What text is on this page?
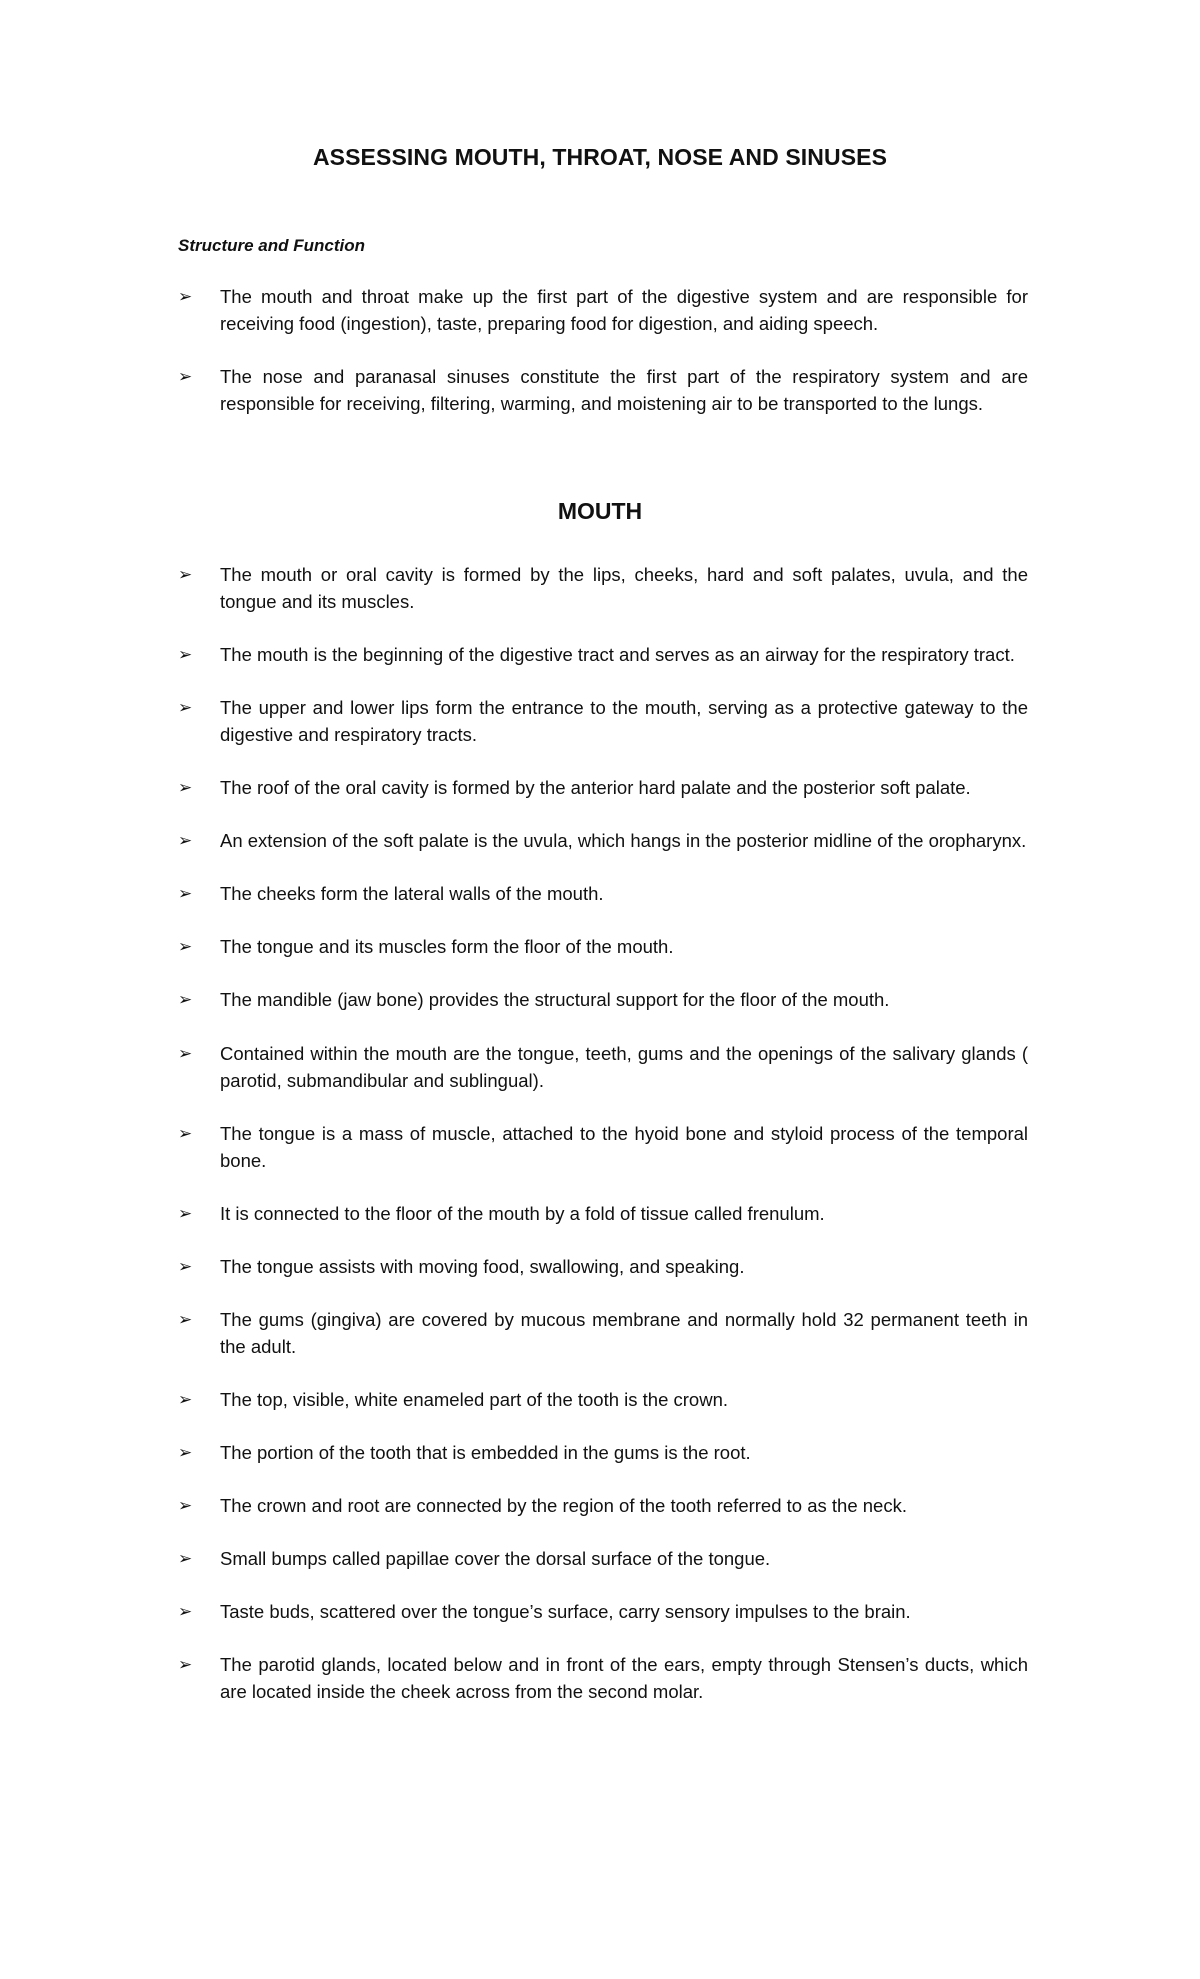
ASSESSING MOUTH, THROAT, NOSE AND SINUSES
Structure and Function
➢ The mouth and throat make up the first part of the digestive system and are responsible for receiving food (ingestion), taste, preparing food for digestion, and aiding speech.
➢ The nose and paranasal sinuses constitute the first part of the respiratory system and are responsible for receiving, filtering, warming, and moistening air to be transported to the lungs.
MOUTH
➢ The mouth or oral cavity is formed by the lips, cheeks, hard and soft palates, uvula, and the tongue and its muscles.
➢ The mouth is the beginning of the digestive tract and serves as an airway for the respiratory tract.
➢ The upper and lower lips form the entrance to the mouth, serving as a protective gateway to the digestive and respiratory tracts.
➢ The roof of the oral cavity is formed by the anterior hard palate and the posterior soft palate.
➢ An extension of the soft palate is the uvula, which hangs in the posterior midline of the oropharynx.
➢ The cheeks form the lateral walls of the mouth.
➢ The tongue and its muscles form the floor of the mouth.
➢ The mandible (jaw bone) provides the structural support for the floor of the mouth.
➢ Contained within the mouth are the tongue, teeth, gums and the openings of the salivary glands ( parotid, submandibular and sublingual).
➢ The tongue is a mass of muscle, attached to the hyoid bone and styloid process of the temporal bone.
➢ It is connected to the floor of the mouth by a fold of tissue called frenulum.
➢ The tongue assists with moving food, swallowing, and speaking.
➢ The gums (gingiva) are covered by mucous membrane and normally hold 32 permanent teeth in the adult.
➢ The top, visible, white enameled part of the tooth is the crown.
➢ The portion of the tooth that is embedded in the gums is the root.
➢ The crown and root are connected by the region of the tooth referred to as the neck.
➢ Small bumps called papillae cover the dorsal surface of the tongue.
➢ Taste buds, scattered over the tongue’s surface, carry sensory impulses to the brain.
➢ The parotid glands, located below and in front of the ears, empty through Stensen’s ducts, which are located inside the cheek across from the second molar.
